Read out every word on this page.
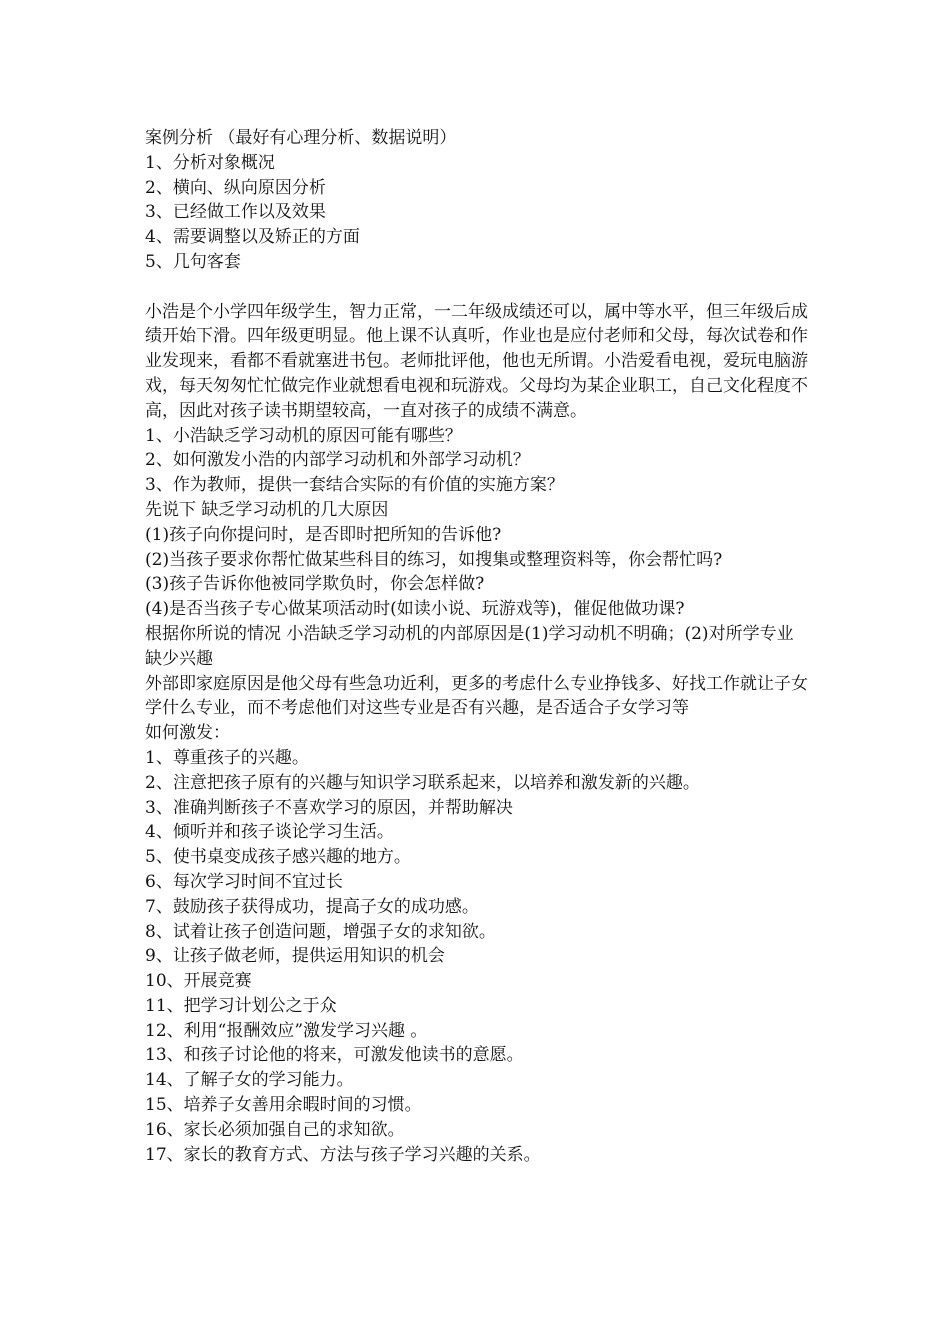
案例分析 （最好有心理分析、数据说明）

1、分析对象概况

2、横向、纵向原因分析

3、已经做工作以及效果

4、需要调整以及矫正的方面

5、几句客套

小浩是个小学四年级学生，智力正常，一二年级成绩还可以，属中等水平，但三年级后成绩开始下滑。四年级更明显。他上课不认真听，作业也是应付老师和父母，每次试卷和作业发现来，看都不看就塞进书包。老师批评他，他也无所谓。小浩爱看电视，爱玩电脑游戏，每天匆匆忙忙做完作业就想看电视和玩游戏。父母均为某企业职工，自己文化程度不高，因此对孩子读书期望较高，一直对孩子的成绩不满意。

1、小浩缺乏学习动机的原因可能有哪些？

2、如何激发小浩的内部学习动机和外部学习动机？

3、作为教师，提供一套结合实际的有价值的实施方案？

先说下 缺乏学习动机的几大原因

(1)孩子向你提问时，是否即时把所知的告诉他?

(2)当孩子要求你帮忙做某些科目的练习，如搜集或整理资料等，你会帮忙吗?

(3)孩子告诉你他被同学欺负时，你会怎样做?

(4)是否当孩子专心做某项活动时(如读小说、玩游戏等)，催促他做功课?

根据你所说的情况 小浩缺乏学习动机的内部原因是(1)学习动机不明确；(2)对所学专业缺少兴趣

外部即家庭原因是他父母有些急功近利，更多的考虑什么专业挣钱多、好找工作就让子女学什么专业，而不考虑他们对这些专业是否有兴趣，是否适合子女学习等

如何激发：

1、尊重孩子的兴趣。

2、注意把孩子原有的兴趣与知识学习联系起来，以培养和激发新的兴趣。

3、准确判断孩子不喜欢学习的原因，并帮助解决

4、倾听并和孩子谈论学习生活。

5、使书桌变成孩子感兴趣的地方。

6、每次学习时间不宜过长

7、鼓励孩子获得成功，提高子女的成功感。

8、试着让孩子创造问题，增强子女的求知欲。

9、让孩子做老师，提供运用知识的机会

10、开展竞赛

11、把学习计划公之于众

12、利用“报酬效应”激发学习兴趣 。

13、和孩子讨论他的将来，可激发他读书的意愿。

14、了解子女的学习能力。

15、培养子女善用余暇时间的习惯。

16、家长必须加强自己的求知欲。

17、家长的教育方式、方法与孩子学习兴趣的关系。
